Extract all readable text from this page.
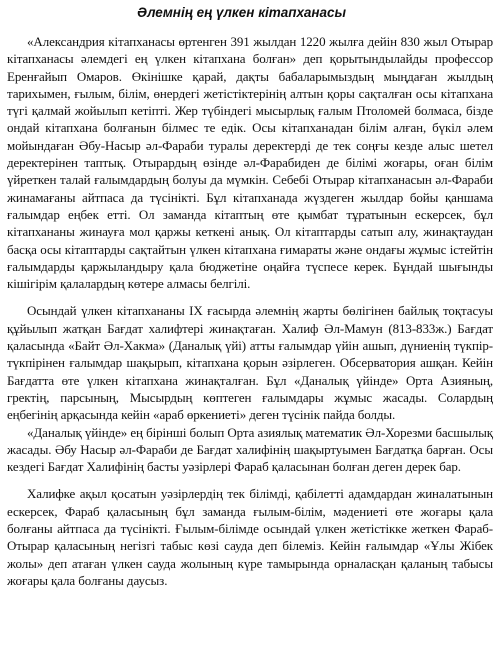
Әлемнің ең үлкен кітапханасы

«Александрия кітапханасы өртенген 391 жылдан 1220 жылға дейін 830 жыл Отырар кітапханасы әлемдегі ең үлкен кітапхана болған» деп қорытындылайды профессор Еренғайып Омаров. Өкінішке қарай, дақты бабаларымыздың мыңдаған жылдың тарихымен, ғылым, білім, өнердегі жетістіктерінің алтын қоры сақталған осы кітапхана түгі қалмай жойылып кетіпті. Жер түбіндегі мысырлық ғалым Птоломей болмаса, бізде ондай кітапхана болғанын білмес те едік. Осы кітапханадан білім алған, бүкіл әлем мойындаған Әбу-Насыр әл-Фараби туралы деректерді де тек соңғы кезде алыс шетел деректерінен таптық. Отырардың өзінде әл-Фарабиден де білімі жоғары, оған білім үйреткен талай ғалымдардың болуы да мүмкін. Себебі Отырар кітапханасын әл-Фараби жинамағаны айтпаса да түсінікті. Бұл кітапханада жүздеген жылдар бойы қаншама ғалымдар еңбек етті. Ол заманда кітаптың өте қымбат тұратынын ескерсек, бұл кітапхананы жинауға мол қаржы кеткені анық. Ол кітаптарды сатып алу, жинақтаудан басқа осы кітаптарды сақтайтын үлкен кітапхана ғимараты және ондағы жұмыс істейтін ғалымдарды қаржыландыру қала бюджетіне оңайға түспесе керек. Бұндай шығынды кішігірім қалалардың көтере алмасы белгілі.

Осындай үлкен кітапхананы IX ғасырда әлемнің жарты бөлігінен байлық тоқтасуы құйылып жатқан Бағдат халифтері жинақтаған. Халиф Әл-Мамун (813-833ж.) Бағдат қаласында «Байт Әл-Хакма» (Даналық үйі) атты ғалымдар үйін ашып, дүниенің түкпір-түкпірінен ғалымдар шақырып, кітапхана қорын әзірлеген. Обсерватория ашқан. Кейін Бағдатта өте үлкен кітапхана жинақталған. Бұл «Даналық үйінде» Орта Азияның, гректің, парсының, Мысырдың көптеген ғалымдары жұмыс жасады. Солардың еңбегінің арқасында кейін «араб өркениеті» деген түсінік пайда болды.

«Даналық үйінде» ең бірінші болып Орта азиялық математик Әл-Хорезми басшылық жасады. Әбу Насыр әл-Фараби де Бағдат халифінің шақыртуымен Бағдатқа барған. Осы кездегі Бағдат Халифінің басты уәзірлері Фараб қаласынан болған деген дерек бар.

Халифке ақыл қосатын уәзірлердің тек білімді, қабілетті адамдардан жиналатынын ескерсек, Фараб қаласының бұл заманда ғылым-білім, мәдениеті өте жоғары қала болғаны айтпаса да түсінікті. Ғылым-білімде осындай үлкен жетістікке жеткен Фараб-Отырар қаласының негізгі табыс көзі сауда деп білеміз. Кейін ғалымдар «Ұлы Жібек жолы» деп атаған үлкен сауда жолының күре тамырында орналасқан қаланың табысы жоғары қала болғаны даусыз.
